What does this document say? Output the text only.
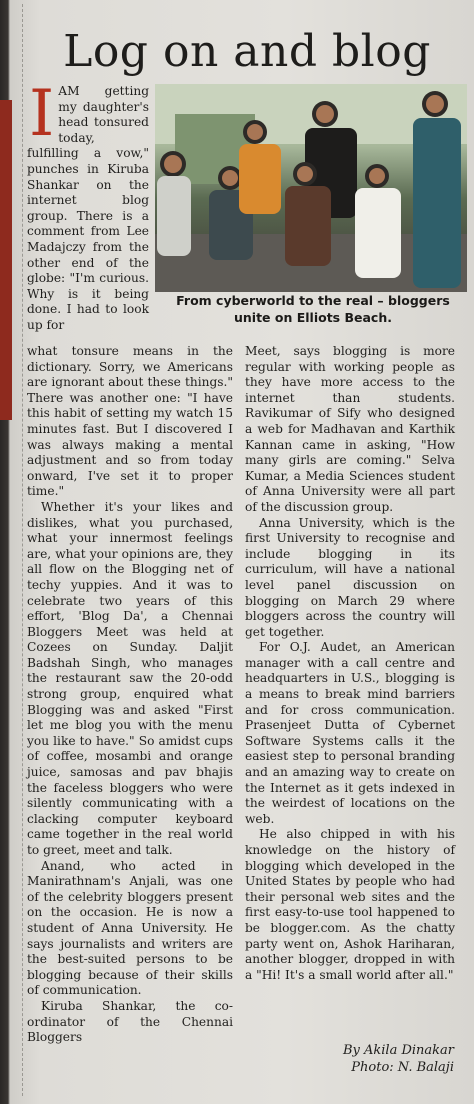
Log on and blog
From cyberworld to the real – bloggers unite on Elliots Beach.

IAM getting my daughter's head tonsured today, fulfilling a vow," punches in Kiruba Shankar on the internet blog group. There is a comment from Lee Madajczy from the other end of the globe: "I'm curious. Why is it being done. I had to look up for

what tonsure means in the dictionary. Sorry, we Americans are ignorant about these things." There was another one: "I have this habit of setting my watch 15 minutes fast. But I discovered I was always making a mental adjustment and so from today onward, I've set it to proper time."

Whether it's your likes and dislikes, what you purchased, what your innermost feelings are, what your opinions are, they all flow on the Blogging net of techy yuppies. And it was to celebrate two years of this effort, 'Blog Da', a Chennai Bloggers Meet was held at Cozees on Sunday. Daljit Badshah Singh, who manages the restaurant saw the 20-odd strong group, enquired what Blogging was and asked "First let me blog you with the menu you like to have." So amidst cups of coffee, mosambi and orange juice, samosas and pav bhajis the faceless bloggers who were silently communicating with a clacking computer keyboard came together in the real world to greet, meet and talk.

Anand, who acted in Manirathnam's Anjali, was one of the celebrity bloggers present on the occasion. He is now a student of Anna University. He says journalists and writers are the best-suited persons to be blogging because of their skills of communication.

Kiruba Shankar, the co-ordinator of the Chennai Bloggers

Meet, says blogging is more regular with working people as they have more access to the internet than students. Ravikumar of Sify who designed a web for Madhavan and Karthik Kannan came in asking, "How many girls are coming." Selva Kumar, a Media Sciences student of Anna University were all part of the discussion group.

Anna University, which is the first University to recognise and include blogging in its curriculum, will have a national level panel discussion on blogging on March 29 where bloggers across the country will get together.

For O.J. Audet, an American manager with a call centre and headquarters in U.S., blogging is a means to break mind barriers and for cross communication. Prasenjeet Dutta of Cybernet Software Systems calls it the easiest step to personal branding and an amazing way to create on the Internet as it gets indexed in the weirdest of locations on the web.

He also chipped in with his knowledge on the history of blogging which developed in the United States by people who had their personal web sites and the first easy-to-use tool happened to be blogger.com. As the chatty party went on, Ashok Hariharan, another blogger, dropped in with a "Hi! It's a small world after all."

By Akila Dinakar
Photo: N. Balaji
